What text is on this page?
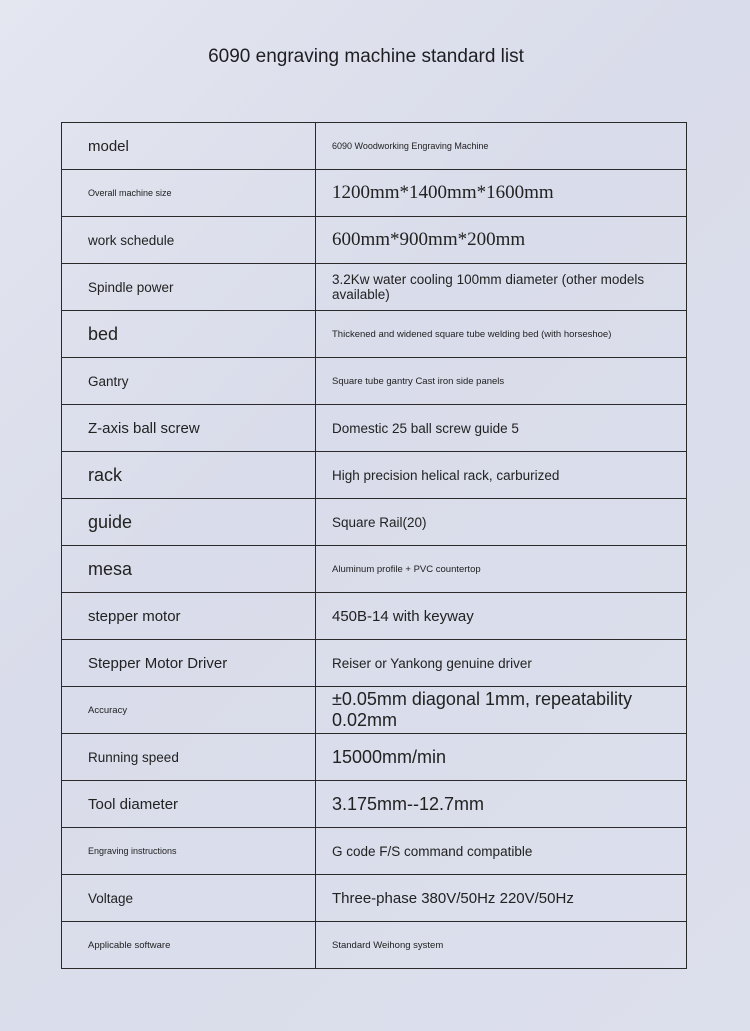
6090 engraving machine standard list
model	6090 Woodworking Engraving Machine
Overall machine size	1200mm*1400mm*1600mm
work schedule	600mm*900mm*200mm
Spindle power	3.2Kw water cooling 100mm diameter (other models available)
bed	Thickened and widened square tube welding bed (with horseshoe)
Gantry	Square tube gantry Cast iron side panels
Z-axis ball screw	Domestic 25 ball screw guide 5
rack	High precision helical rack, carburized
guide	Square Rail(20)
mesa	Aluminum profile + PVC countertop
stepper motor	450B-14 with keyway
Stepper Motor Driver	Reiser or Yankong genuine driver
Accuracy	±0.05mm diagonal 1mm, repeatability 0.02mm
Running speed	15000mm/min
Tool diameter	3.175mm--12.7mm
Engraving instructions	G code F/S command compatible
Voltage	Three-phase 380V/50Hz 220V/50Hz
Applicable software	Standard Weihong system
